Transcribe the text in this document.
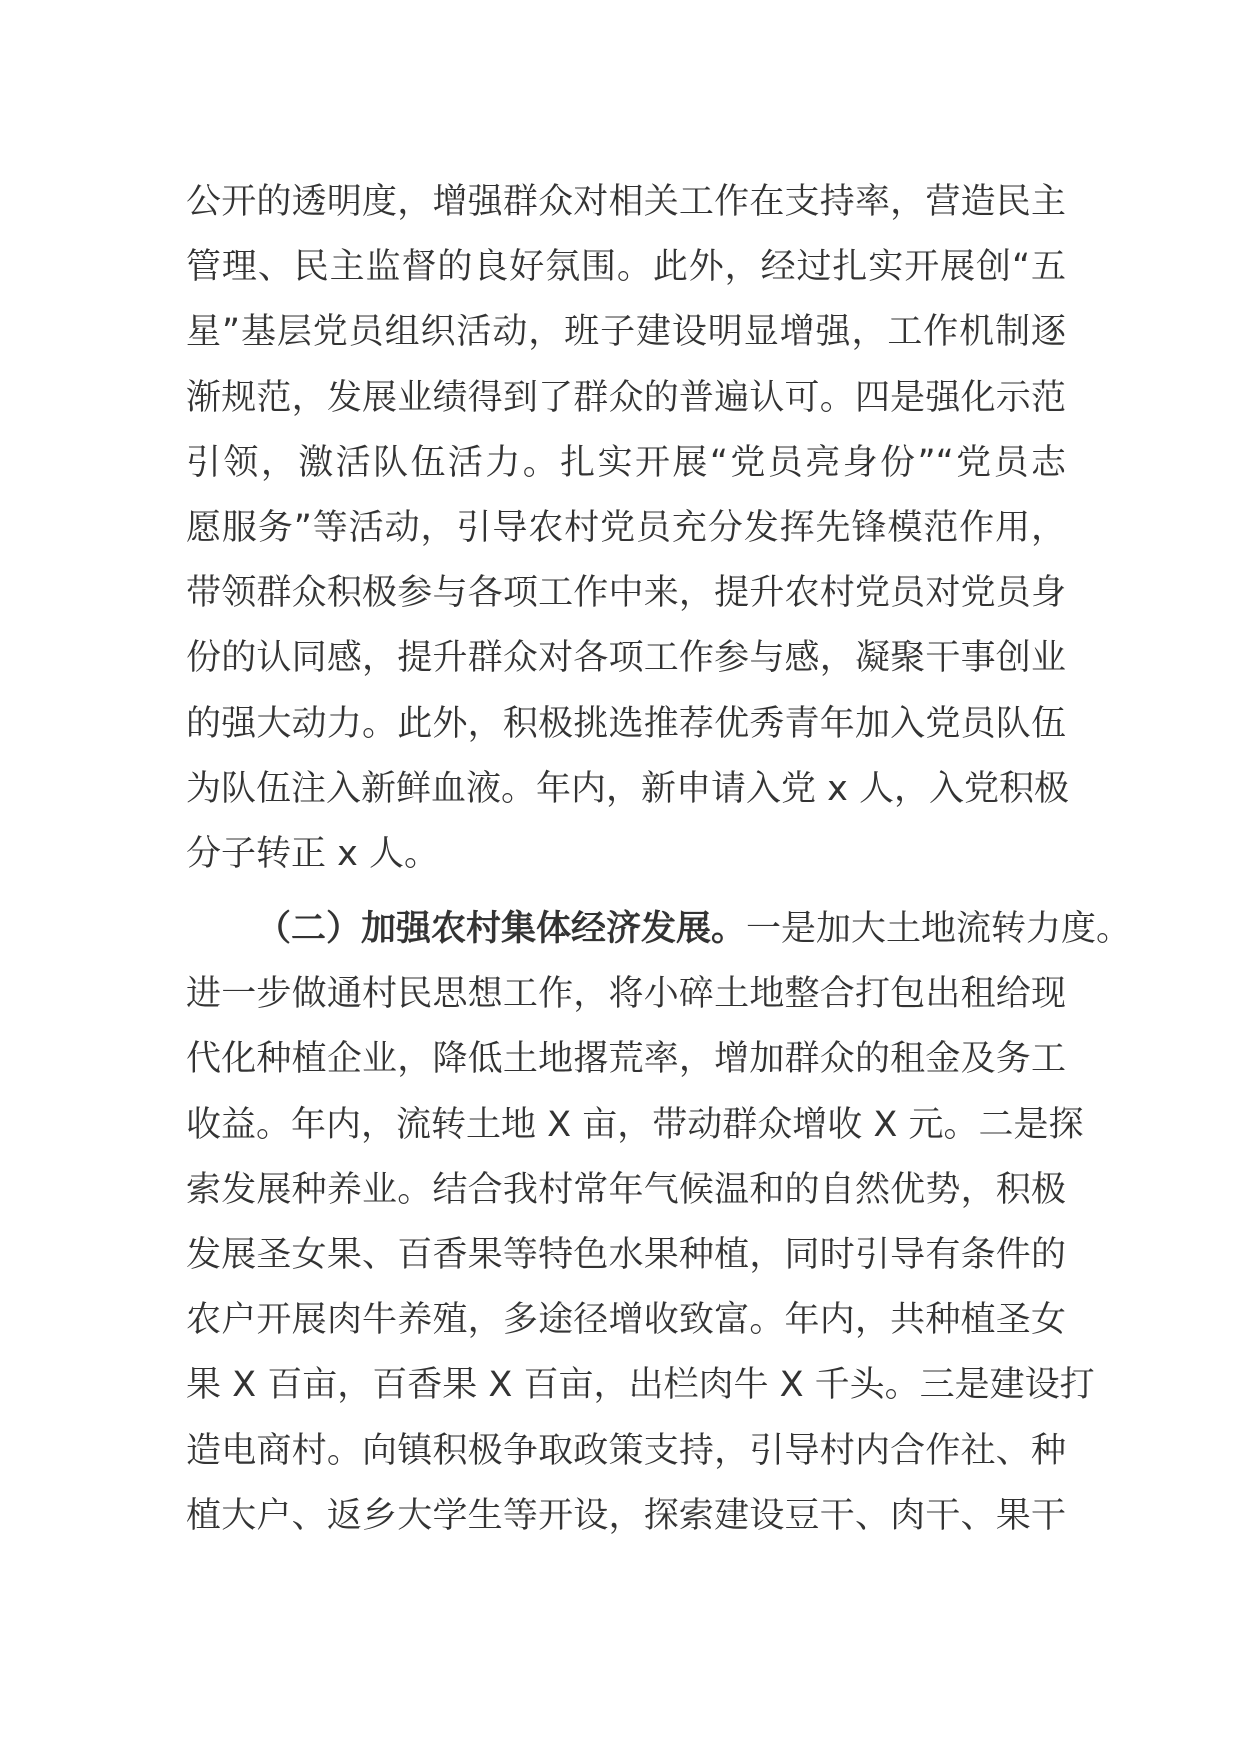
公开的透明度，增强群众对相关工作在支持率，营造民主
管理、民主监督的良好氛围。此外，经过扎实开展创“五
星”基层党员组织活动，班子建设明显增强，工作机制逐
渐规范，发展业绩得到了群众的普遍认可。四是强化示范
引领，激活队伍活力。扎实开展“党员亮身份”“党员志
愿服务”等活动，引导农村党员充分发挥先锋模范作用，
带领群众积极参与各项工作中来，提升农村党员对党员身
份的认同感，提升群众对各项工作参与感，凝聚干事创业
的强大动力。此外，积极挑选推荐优秀青年加入党员队伍
为队伍注入新鲜血液。年内，新申请入党 x 人，入党积极
分子转正 x 人。
（二）加强农村集体经济发展。一是加大土地流转力度。
进一步做通村民思想工作，将小碎土地整合打包出租给现
代化种植企业，降低土地撂荒率，增加群众的租金及务工
收益。年内，流转土地 X 亩，带动群众增收 X 元。二是探
索发展种养业。结合我村常年气候温和的自然优势，积极
发展圣女果、百香果等特色水果种植，同时引导有条件的
农户开展肉牛养殖，多途径增收致富。年内，共种植圣女
果 X 百亩，百香果 X 百亩，出栏肉牛 X 千头。三是建设打
造电商村。向镇积极争取政策支持，引导村内合作社、种
植大户、返乡大学生等开设，探索建设豆干、肉干、果干
